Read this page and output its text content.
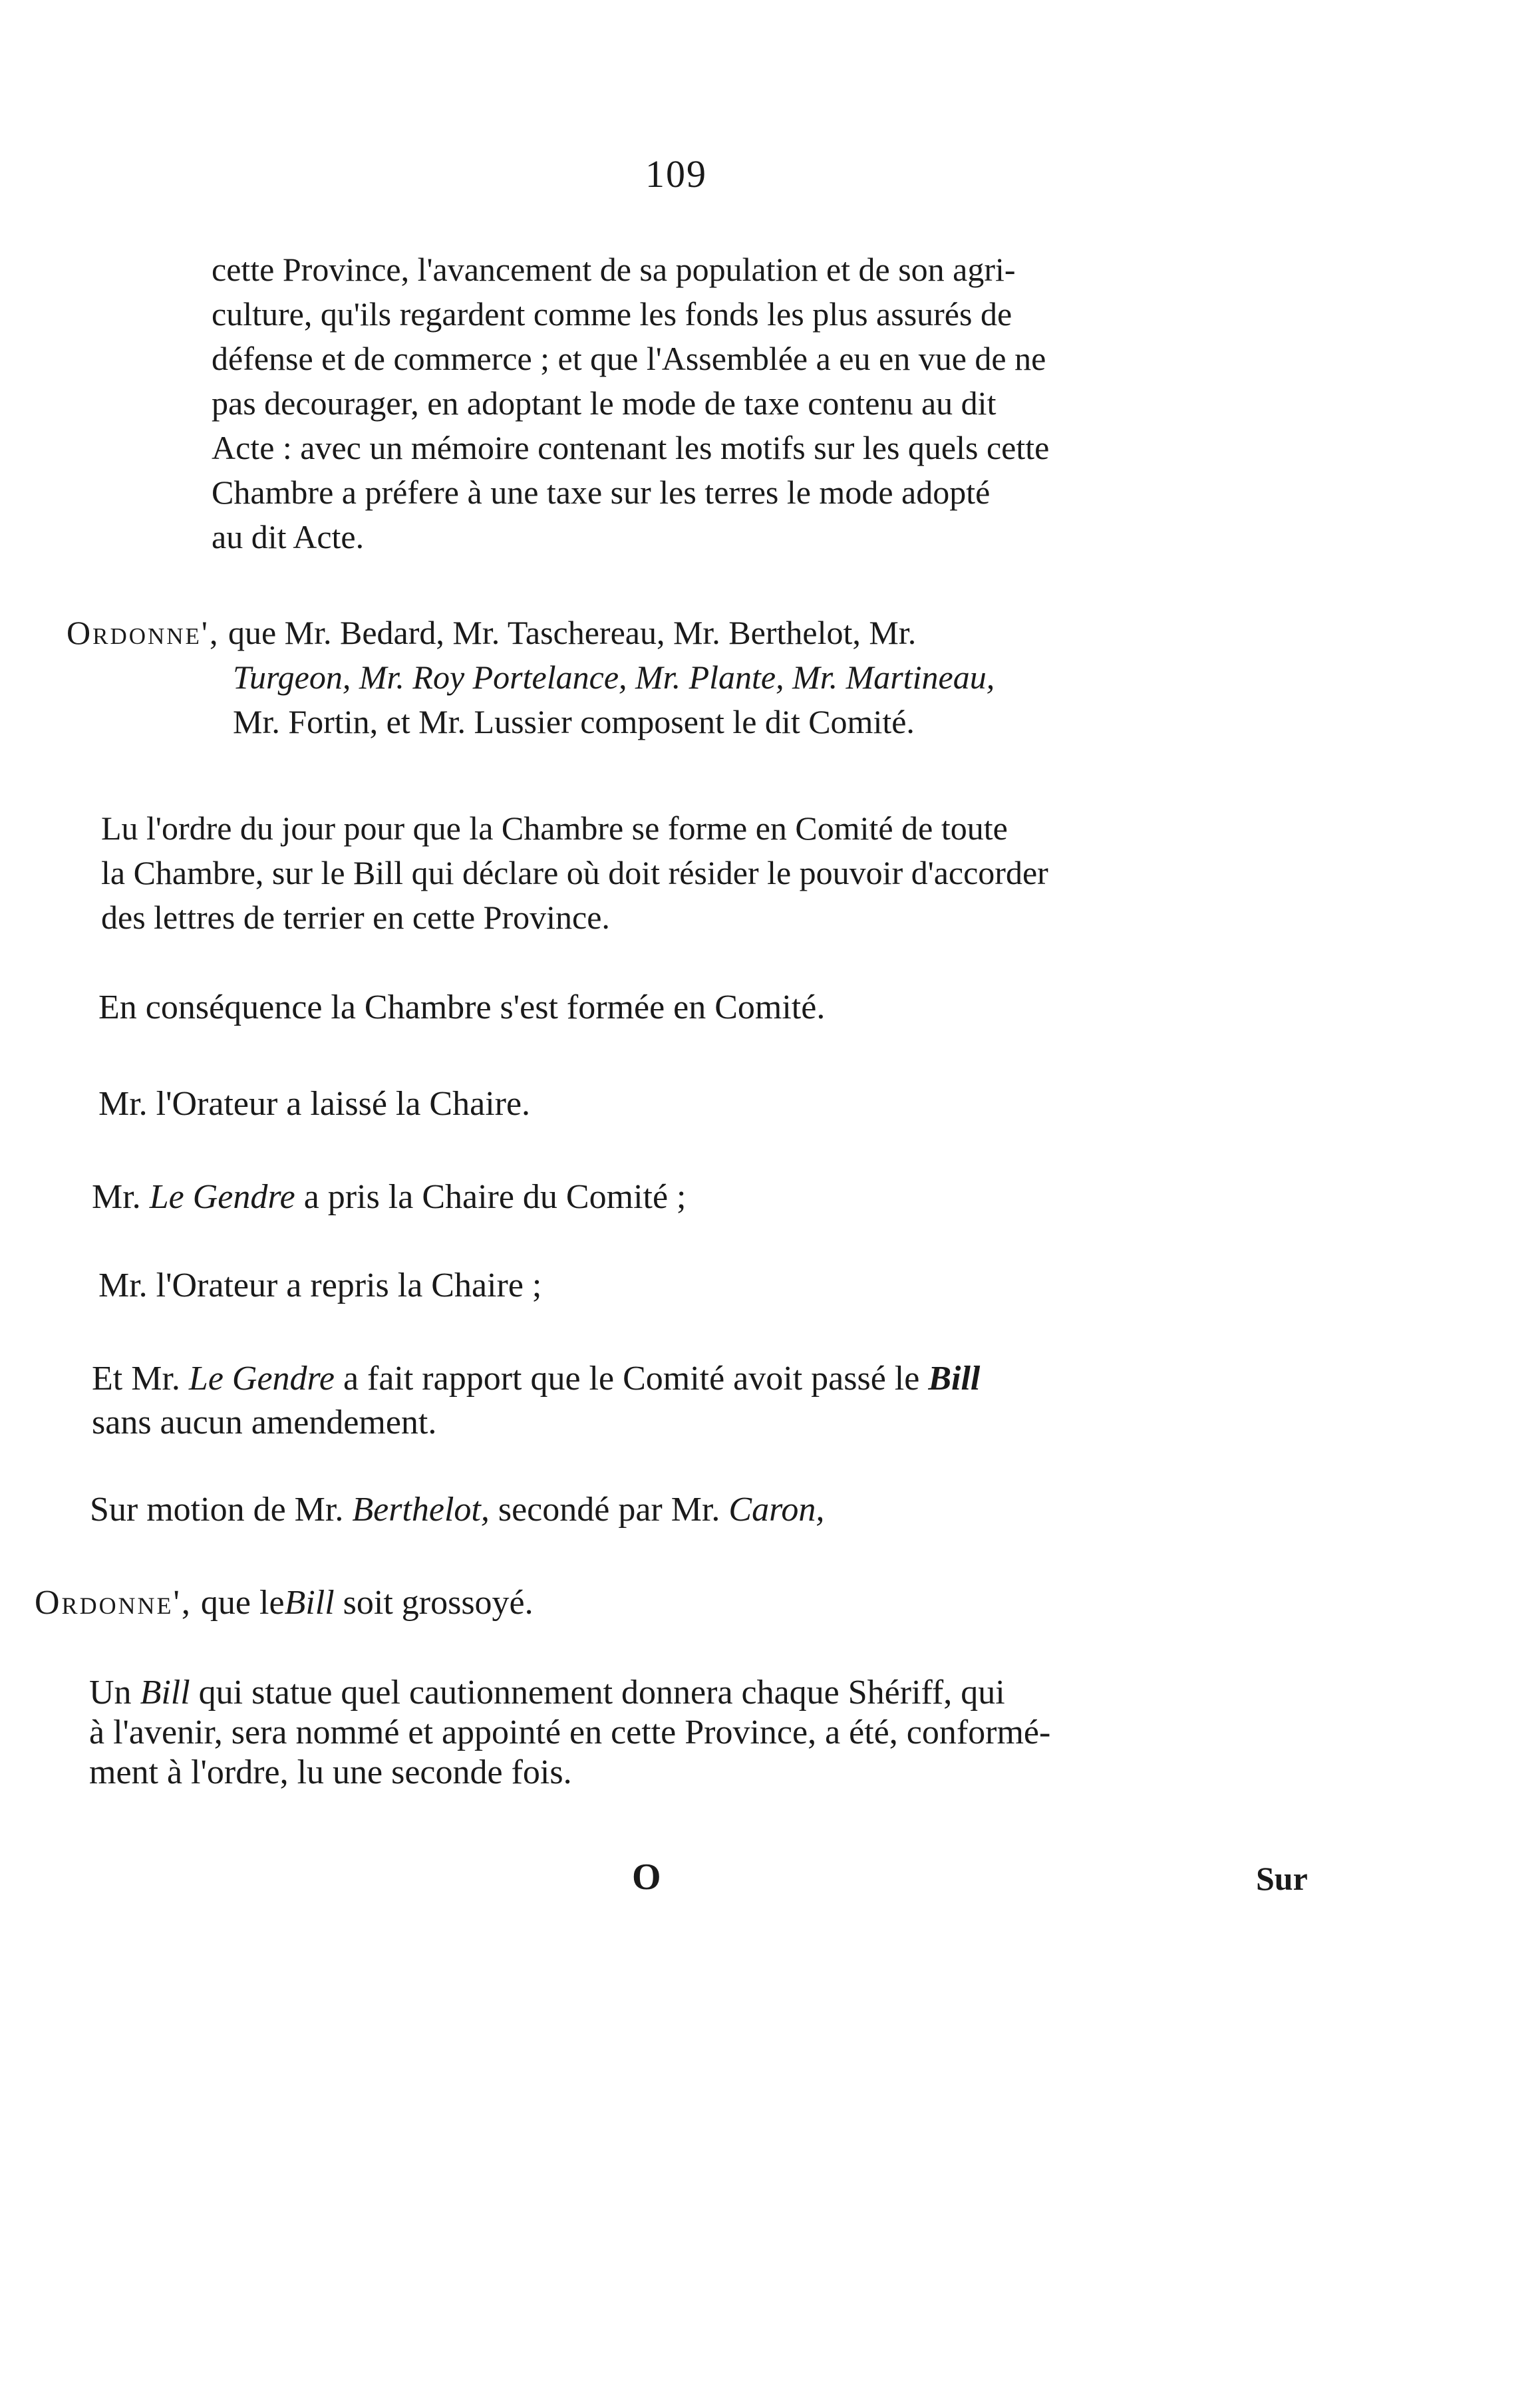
109
cette Province, l'avancement de sa population et de son agri-
culture, qu'ils regardent comme les fonds les plus assurés de
défense et de commerce ; et que l'Assemblée a eu en vue de ne
pas decourager, en adoptant le mode de taxe contenu au dit
Acte : avec un mémoire contenant les motifs sur les quels cette
Chambre a préfere à une taxe sur les terres le mode adopté
au dit Acte.
Ordonne', que Mr. Bedard, Mr. Taschereau, Mr. Berthelot, Mr.
Turgeon, Mr. Roy Portelance, Mr. Plante, Mr. Martineau,
Mr. Fortin, et Mr. Lussier composent le dit Comité.
Lu l'ordre du jour pour que la Chambre se forme en Comité de toute
la Chambre, sur le Bill qui déclare où doit résider le pouvoir d'accorder
des lettres de terrier en cette Province.
En conséquence la Chambre s'est formée en Comité.
Mr. l'Orateur a laissé la Chaire.
Mr. Le Gendre a pris la Chaire du Comité ;
Mr. l'Orateur a repris la Chaire ;
Et Mr. Le Gendre a fait rapport que le Comité avoit passé le Bill
sans aucun amendement.
Sur motion de Mr. Berthelot, secondé par Mr. Caron,
Ordonne', que leBill soit grossoyé.
Un Bill qui statue quel cautionnement donnera chaque Shériff, qui
à l'avenir, sera nommé et appointé en cette Province, a été, conformé-
ment à l'ordre, lu une seconde fois.
O	Sur
